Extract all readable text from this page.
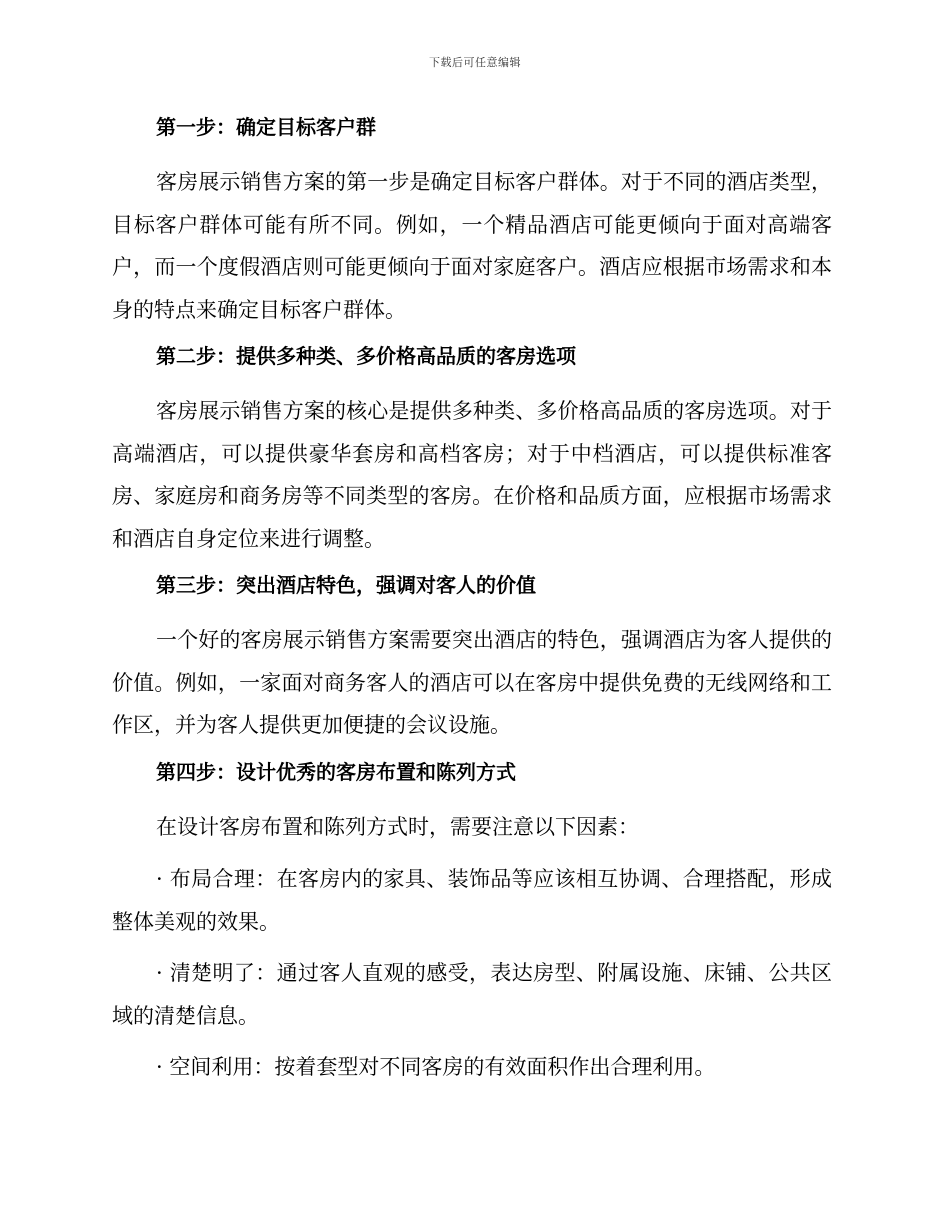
下载后可任意编辑

第一步：确定目标客户群

客房展示销售方案的第一步是确定目标客户群体。对于不同的酒店类型，目标客户群体可能有所不同。例如，一个精品酒店可能更倾向于面对高端客户，而一个度假酒店则可能更倾向于面对家庭客户。酒店应根据市场需求和本身的特点来确定目标客户群体。

第二步：提供多种类、多价格高品质的客房选项

客房展示销售方案的核心是提供多种类、多价格高品质的客房选项。对于高端酒店，可以提供豪华套房和高档客房；对于中档酒店，可以提供标准客房、家庭房和商务房等不同类型的客房。在价格和品质方面，应根据市场需求和酒店自身定位来进行调整。

第三步：突出酒店特色，强调对客人的价值

一个好的客房展示销售方案需要突出酒店的特色，强调酒店为客人提供的价值。例如，一家面对商务客人的酒店可以在客房中提供免费的无线网络和工作区，并为客人提供更加便捷的会议设施。

第四步：设计优秀的客房布置和陈列方式

在设计客房布置和陈列方式时，需要注意以下因素：

· 布局合理：在客房内的家具、装饰品等应该相互协调、合理搭配，形成整体美观的效果。

· 清楚明了：通过客人直观的感受，表达房型、附属设施、床铺、公共区域的清楚信息。

· 空间利用：按着套型对不同客房的有效面积作出合理利用。
